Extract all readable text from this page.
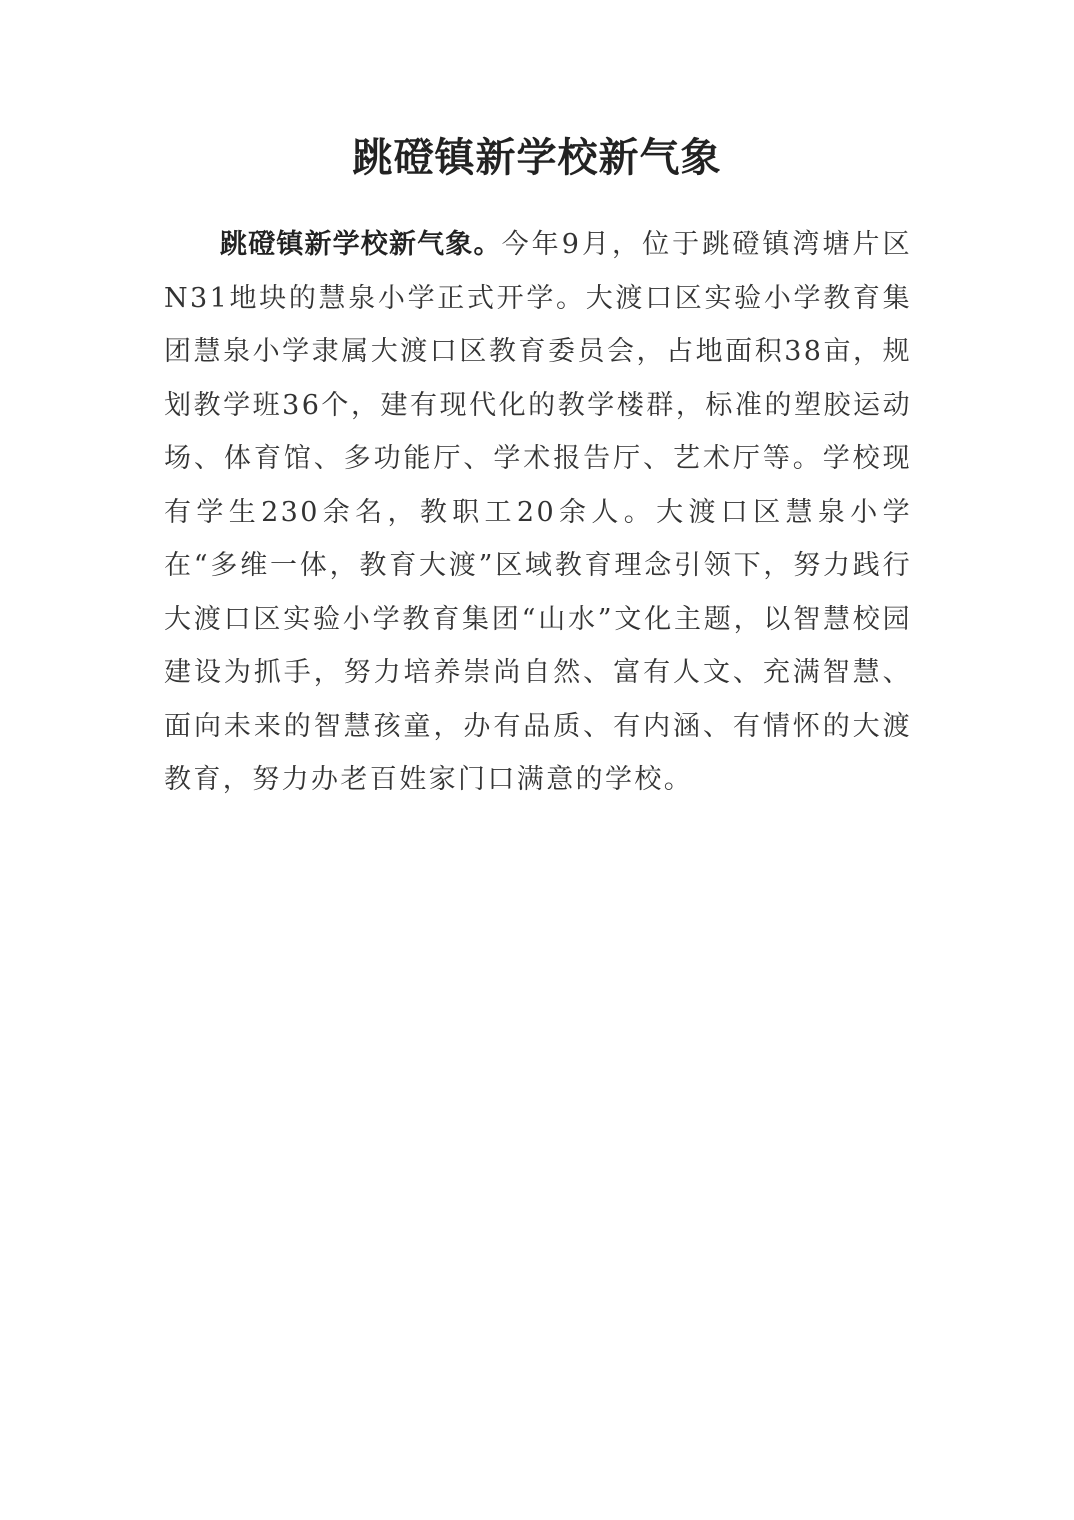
跳磴镇新学校新气象

跳磴镇新学校新气象。今年9月，位于跳磴镇湾塘片区N31地块的慧泉小学正式开学。大渡口区实验小学教育集团慧泉小学隶属大渡口区教育委员会，占地面积38亩，规划教学班36个，建有现代化的教学楼群，标准的塑胶运动场、体育馆、多功能厅、学术报告厅、艺术厅等。学校现有学生230余名，教职工20余人。大渡口区慧泉小学在“多维一体，教育大渡”区域教育理念引领下，努力践行大渡口区实验小学教育集团“山水”文化主题，以智慧校园建设为抓手，努力培养崇尚自然、富有人文、充满智慧、面向未来的智慧孩童，办有品质、有内涵、有情怀的大渡教育，努力办老百姓家门口满意的学校。
